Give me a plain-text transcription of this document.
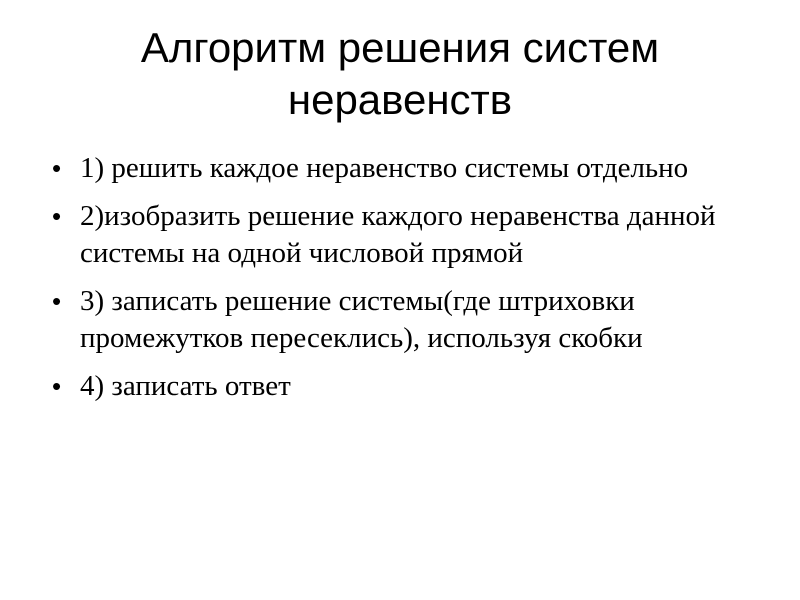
Алгоритм решения систем неравенств
• 1) решить каждое неравенство системы отдельно
• 2)изобразить решение каждого неравенства данной системы на одной числовой прямой
• 3) записать решение системы(где штриховки промежутков пересеклись), используя скобки
• 4) записать ответ
